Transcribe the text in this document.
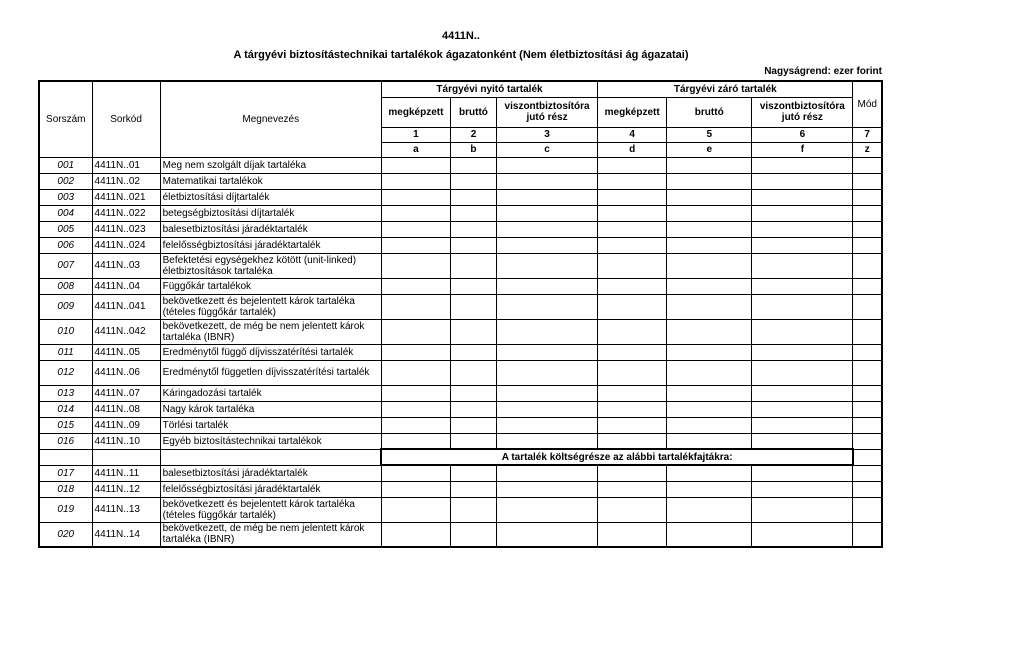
4411N..
A tárgyévi biztosítástechnikai tartalékok ágazatonként (Nem életbiztosítási ág ágazatai)
Nagyságrend: ezer forint
Sorszám	Sorkód	Megnevezés	Tárgyévi nyitó tartalék			Tárgyévi záró tartalék			Mód
			megképzett	bruttó	viszontbiztosítóra jutó rész	megképzett	bruttó	viszontbiztosítóra jutó rész	
			1	2	3	4	5	6	7
			a	b	c	d	e	f	z
001	4411N..01	Meg nem szolgált díjak tartaléka							
002	4411N..02	Matematikai tartalékok							
003	4411N..021	életbiztosítási díjtartalék							
004	4411N..022	betegségbiztosítási díjtartalék							
005	4411N..023	balesetbiztosítási járadéktartalék							
006	4411N..024	felelősségbiztosítási járadéktartalék							
007	4411N..03	Befektetési egységekhez kötött (unit-linked) életbiztosítások tartaléka							
008	4411N..04	Függőkár tartalékok							
009	4411N..041	bekövetkezett és bejelentett károk tartaléka (tételes függőkár tartalék)							
010	4411N..042	bekövetkezett, de még be nem jelentett károk tartaléka (IBNR)							
011	4411N..05	Eredménytől függő díjvisszatérítési tartalék							
012	4411N..06	Eredménytől független díjvisszatérítési tartalék							
013	4411N..07	Káringadozási tartalék							
014	4411N..08	Nagy károk tartaléka							
015	4411N..09	Törlési tartalék							
016	4411N..10	Egyéb biztosítástechnikai tartalékok							
			A tartalék költségrésze az alábbi tartalékfajtákra:						
017	4411N..11	balesetbiztosítási járadéktartalék							
018	4411N..12	felelősségbiztosítási járadéktartalék							
019	4411N..13	bekövetkezett és bejelentett károk tartaléka (tételes függőkár tartalék)							
020	4411N..14	bekövetkezett, de még be nem jelentett károk tartaléka (IBNR)							
